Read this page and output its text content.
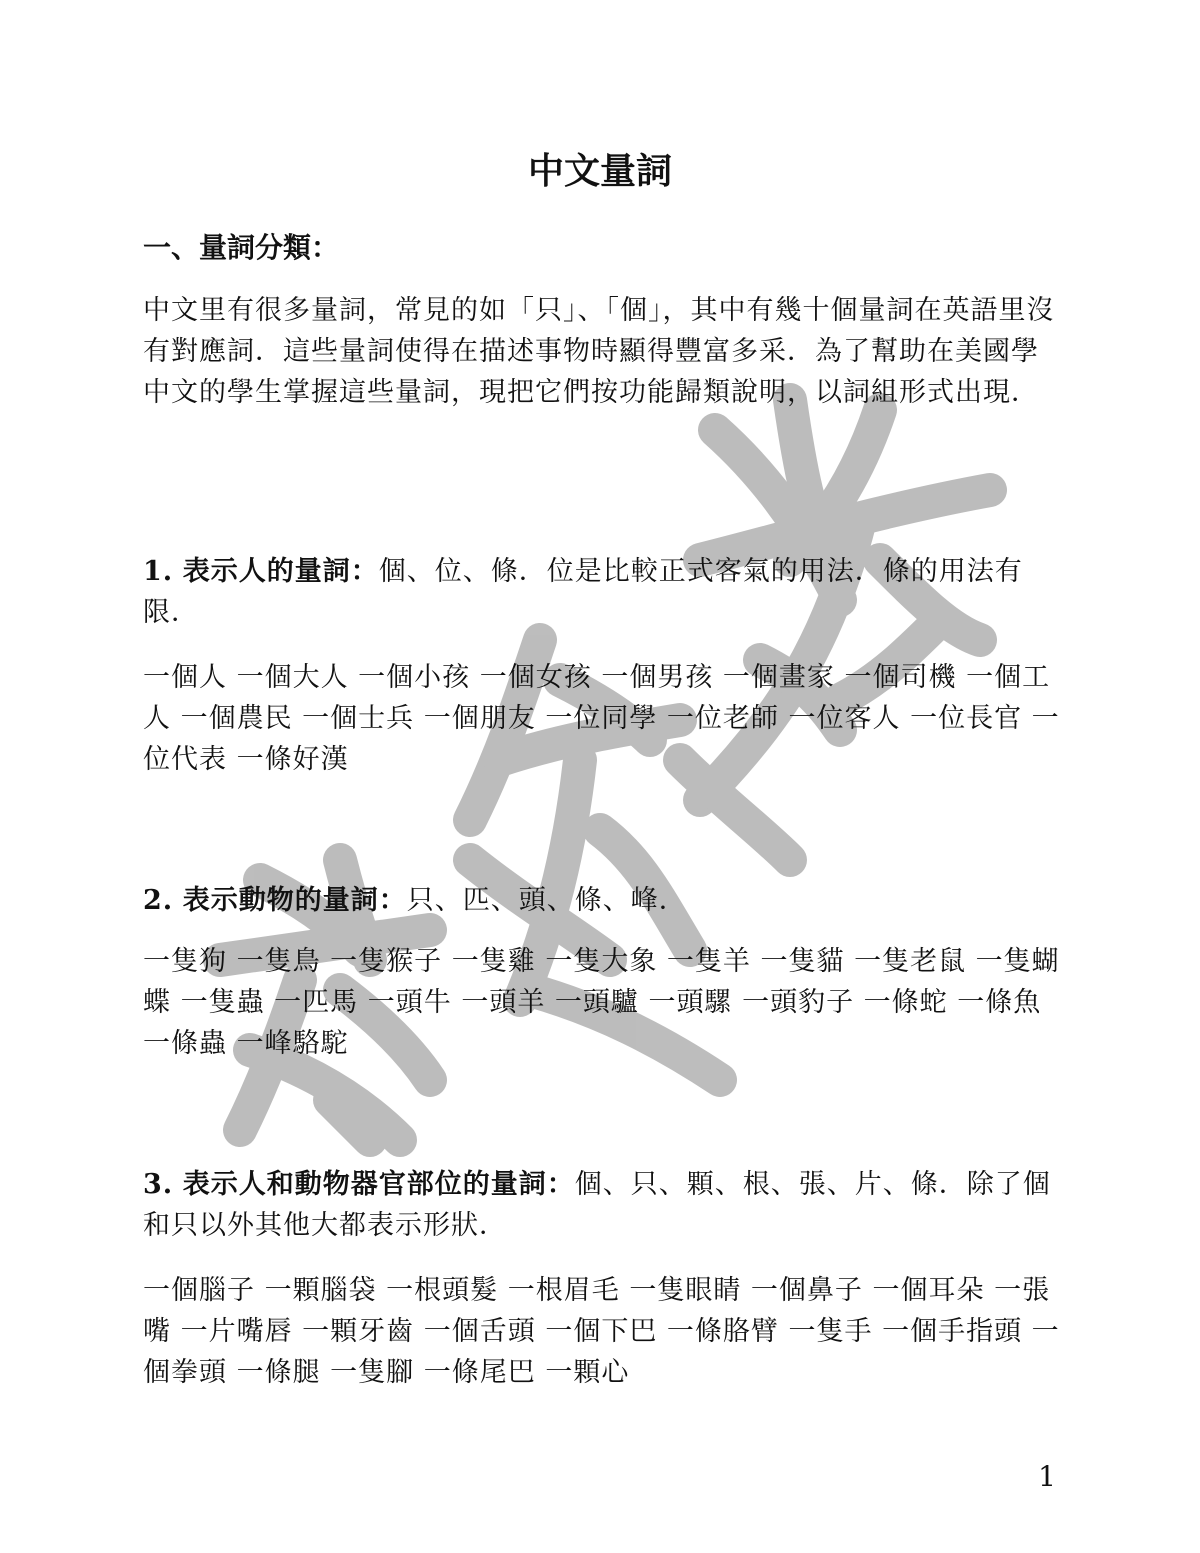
中文量詞
一、量詞分類：
中文里有很多量詞，常見的如「只」、「個」，其中有幾十個量詞在英語里沒有對應詞．這些量詞使得在描述事物時顯得豐富多采．為了幫助在美國學中文的學生掌握這些量詞，現把它們按功能歸類說明，以詞組形式出現．
1. 表示人的量詞：個、位、條．位是比較正式客氣的用法．條的用法有限．
一個人 一個大人 一個小孩 一個女孩 一個男孩 一個畫家 一個司機 一個工人 一個農民 一個士兵 一個朋友 一位同學 一位老師 一位客人 一位長官 一位代表 一條好漢
2. 表示動物的量詞：只、匹、頭、條、峰．
一隻狗 一隻鳥 一隻猴子 一隻雞 一隻大象 一隻羊 一隻貓 一隻老鼠 一隻蝴蝶 一隻蟲 一匹馬 一頭牛 一頭羊 一頭驢 一頭騾 一頭豹子 一條蛇 一條魚 一條蟲 一峰駱駝
3. 表示人和動物器官部位的量詞：個、只、顆、根、張、片、條．除了個和只以外其他大都表示形狀．
一個腦子 一顆腦袋 一根頭髮 一根眉毛 一隻眼睛 一個鼻子 一個耳朵 一張嘴 一片嘴唇 一顆牙齒 一個舌頭 一個下巴 一條胳臂 一隻手 一個手指頭 一個拳頭 一條腿 一隻腳 一條尾巴 一顆心
1
